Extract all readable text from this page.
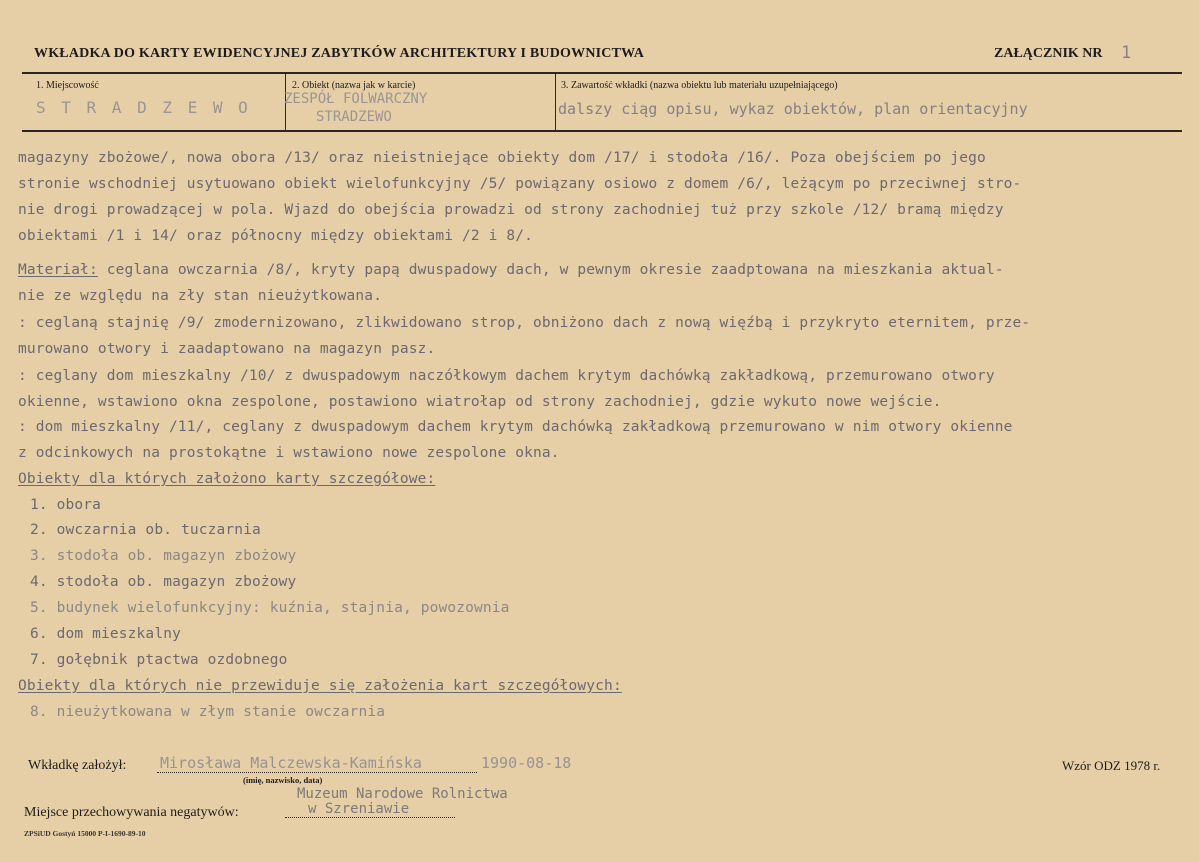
WKŁADKA DO KARTY EWIDENCYJNEJ ZABYTKÓW ARCHITEKTURY I BUDOWNICTWA	ZAŁĄCZNIK NR 1
1. Miejscowość
S T R A D Z E W O
2. Obiekt (nazwa jak w karcie)
ZESPÓŁ FOLWARCZNY
STRADZEWO
3. Zawartość wkładki (nazwa obiektu lub materiału uzupełniającego)
dalszy ciąg opisu, wykaz obiektów, plan orientacyjny
magazyny zbożowe/, nowa obora /13/ oraz nieistniejące obiekty dom /17/ i stodoła /16/. Poza obejściem po jego
stronie wschodniej usytuowano obiekt wielofunkcyjny /5/ powiązany osiowo z domem /6/, leżącym po przeciwnej stro-
nie drogi prowadzącej w pola. Wjazd do obejścia prowadzi od strony zachodniej tuż przy szkole /12/ bramą między
obiektami /1 i 14/ oraz północny między obiektami /2 i 8/.
Materiał: ceglana owczarnia /8/, kryty papą dwuspadowy dach, w pewnym okresie zaadptowana na mieszkania aktual-
nie ze względu na zły stan nieużytkowana.
: ceglaną stajnię /9/ zmodernizowano, zlikwidowano strop, obniżono dach z nową więźbą i przykryto eternitem, prze-
murowano otwory i zaadaptowano na magazyn pasz.
: ceglany dom mieszkalny /10/ z dwuspadowym naczółkowym dachem krytym dachówką zakładkową, przemurowano otwory
okienne, wstawiono okna zespolone, postawiono wiatrołap od strony zachodniej, gdzie wykuto nowe wejście.
: dom mieszkalny /11/, ceglany z dwuspadowym dachem krytym dachówką zakładkową przemurowano w nim otwory okienne
z odcinkowych na prostokątne i wstawiono nowe zespolone okna.
Obiekty dla których założono karty szczegółowe:
1. obora
2. owczarnia ob. tuczarnia
3. stodoła ob. magazyn zbożowy
4. stodoła ob. magazyn zbożowy
5. budynek wielofunkcyjny: kuźnia, stajnia, powozownia
6. dom mieszkalny
7. gołębnik ptactwa ozdobnego
Obiekty dla których nie przewiduje się założenia kart szczegółowych:
8. nieużytkowana w złym stanie owczarnia
Wkładkę założył: Mirosława Malczewska-Kamińska	1990-08-18
(imię, nazwisko, data)
Wzór ODZ 1978 r.
Muzeum Narodowe Rolnictwa
Miejsce przechowywania negatywów:	w Szreniawie
ZPSiUD Gostyń 15000 P-I-1690-89-10
